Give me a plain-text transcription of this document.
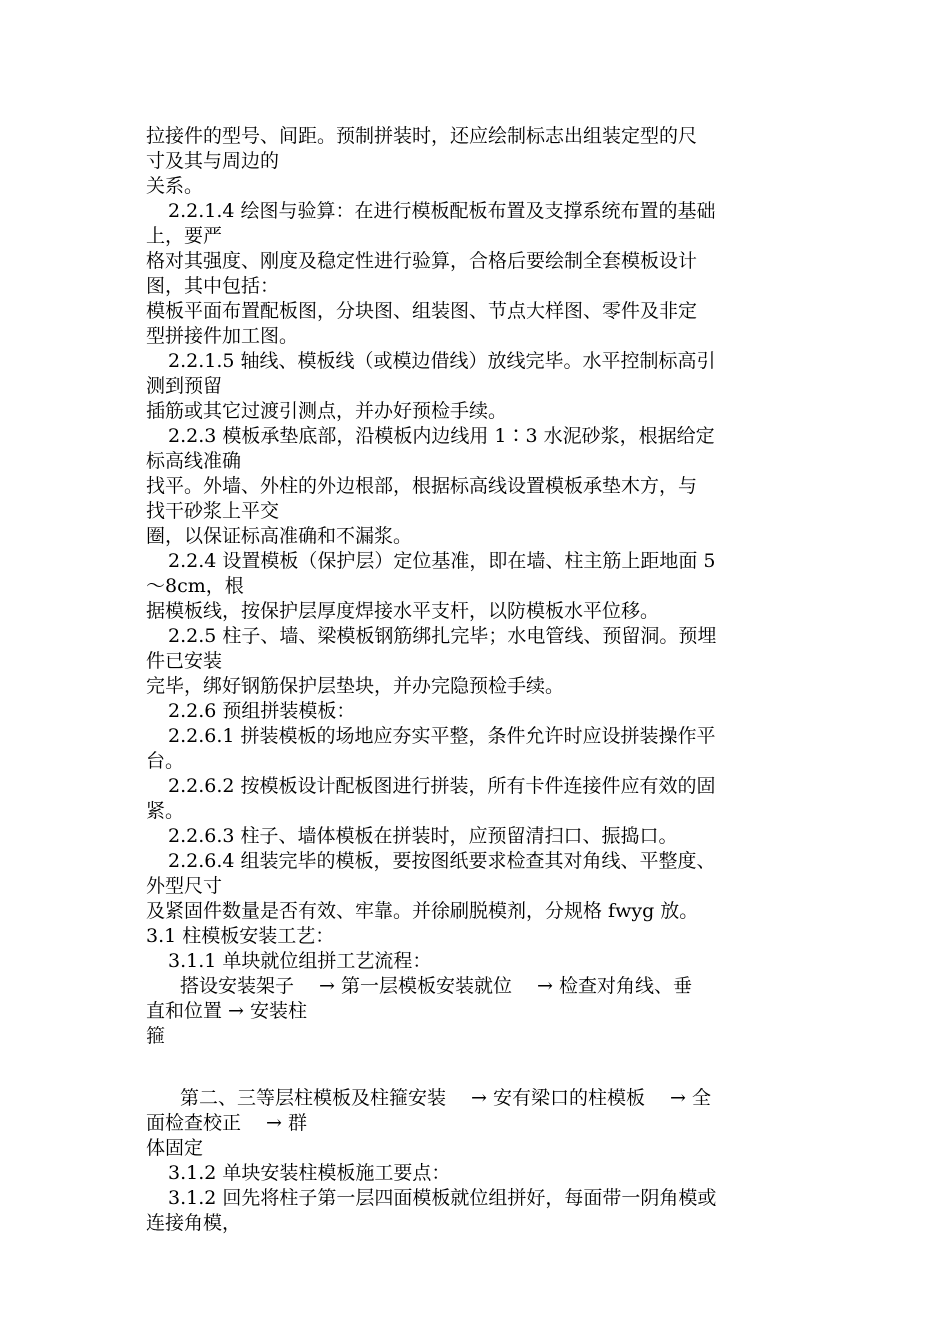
拉接件的型号、间距。预制拼装时，还应绘制标志出组装定型的尺
寸及其与周边的
关系。
2.2.1.4 绘图与验算：在进行模板配板布置及支撑系统布置的基础
上，要严
格对其强度、刚度及稳定性进行验算，合格后要绘制全套模板设计
图，其中包括：
模板平面布置配板图，分块图、组装图、节点大样图、零件及非定
型拼接件加工图。
2.2.1.5 轴线、模板线（或模边借线）放线完毕。水平控制标高引
测到预留
插筋或其它过渡引测点，并办好预检手续。
2.2.3 模板承垫底部，沿模板内边线用 1∶3 水泥砂浆，根据给定
标高线准确
找平。外墙、外柱的外边根部，根据标高线设置模板承垫木方，与
找干砂浆上平交
圈，以保证标高准确和不漏浆。
2.2.4 设置模板（保护层）定位基准，即在墙、柱主筋上距地面 5
～8cm，根
据模板线，按保护层厚度焊接水平支杆，以防模板水平位移。
2.2.5 柱子、墙、梁模板钢筋绑扎完毕；水电管线、预留洞。预埋
件已安装
完毕，绑好钢筋保护层垫块，并办完隐预检手续。
2.2.6 预组拼装模板：
2.2.6.1 拼装模板的场地应夯实平整，条件允许时应设拼装操作平
台。
2.2.6.2 按模板设计配板图进行拼装，所有卡件连接件应有效的固
紧。
2.2.6.3 柱子、墙体模板在拼装时，应预留清扫口、振捣口。
2.2.6.4 组装完毕的模板，要按图纸要求检查其对角线、平整度、
外型尺寸
及紧固件数量是否有效、牢靠。并徐刷脱模剂，分规格 fwyg 放。
3.1 柱模板安装工艺：
3.1.1 单块就位组拼工艺流程：
搭设安装架子 　→ 第一层模板安装就位 　→ 检查对角线、垂
直和位置 → 安装柱
箍
第二、三等层柱模板及柱箍安装 　→ 安有梁口的柱模板 　→ 全
面检查校正 　→ 群
体固定
3.1.2 单块安装柱模板施工要点：
3.1.2 回先将柱子第一层四面模板就位组拼好，每面带一阴角模或
连接角模，
